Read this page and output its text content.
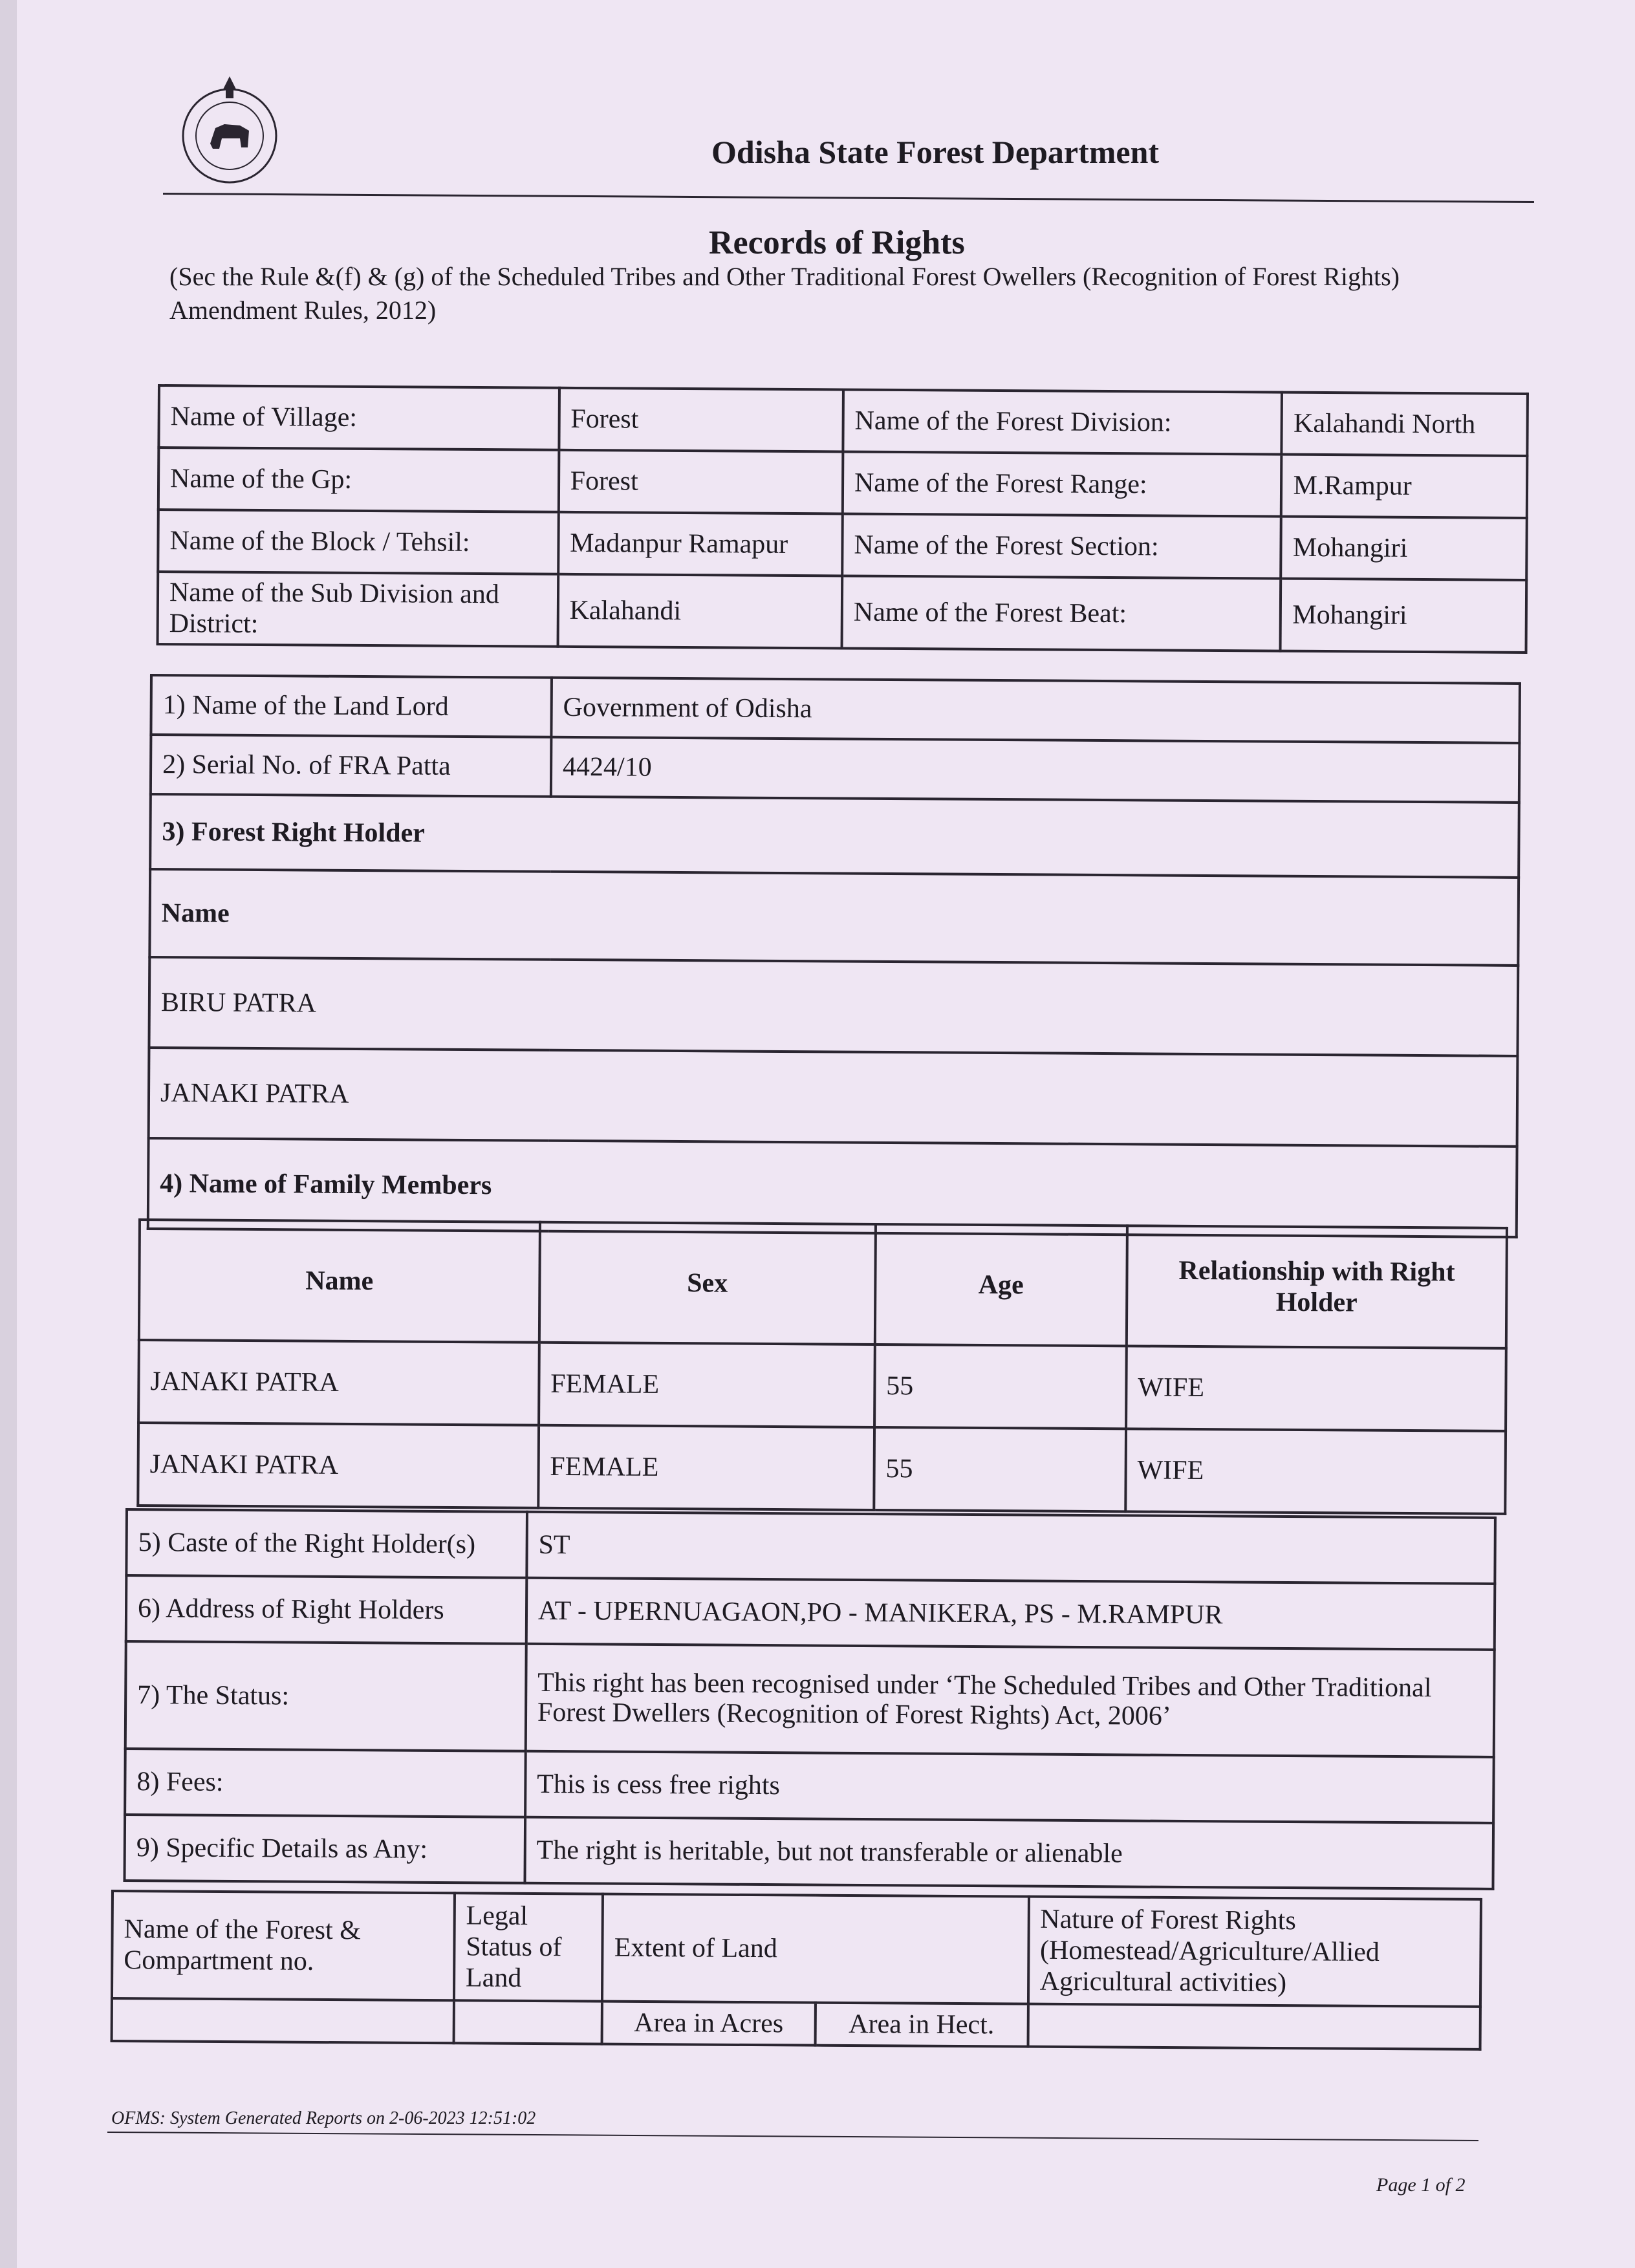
Odisha State Forest Department
Records of Rights
(Sec the Rule &(f) & (g) of the Scheduled Tribes and Other Traditional Forest Owellers (Recognition of Forest Rights) Amendment Rules, 2012)
Name of Village:	Forest	Name of the Forest Division:	Kalahandi North
Name of the Gp:	Forest	Name of the Forest Range:	M.Rampur
Name of the Block / Tehsil:	Madanpur Ramapur	Name of the Forest Section:	Mohangiri
Name of the Sub Division and District:	Kalahandi	Name of the Forest Beat:	Mohangiri
1) Name of the Land Lord	Government of Odisha
2) Serial No. of FRA Patta	4424/10
3) Forest Right Holder	
Name	
BIRU PATRA	
JANAKI PATRA	
4) Name of Family Members	
Name	Sex	Age	Relationship with Right Holder
JANAKI PATRA	FEMALE	55	WIFE
JANAKI PATRA	FEMALE	55	WIFE
5) Caste of the Right Holder(s)	ST
6) Address of Right Holders	AT - UPERNUAGAON,PO - MANIKERA, PS - M.RAMPUR
7) The Status:	This right has been recognised under ‘The Scheduled Tribes and Other Traditional
Forest Dwellers (Recognition of Forest Rights) Act, 2006’

8) Fees:	This is cess free rights
9) Specific Details as Any:	The right is heritable, but not transferable or alienable
Name of the Forest & Compartment no.	Legal Status of Land	Extent of Land		Nature of Forest Rights (Homestead/Agriculture/Allied Agricultural activities)
		Area in Acres	Area in Hect.	
OFMS: System Generated Reports on 2-06-2023 12:51:02
Page 1 of 2
